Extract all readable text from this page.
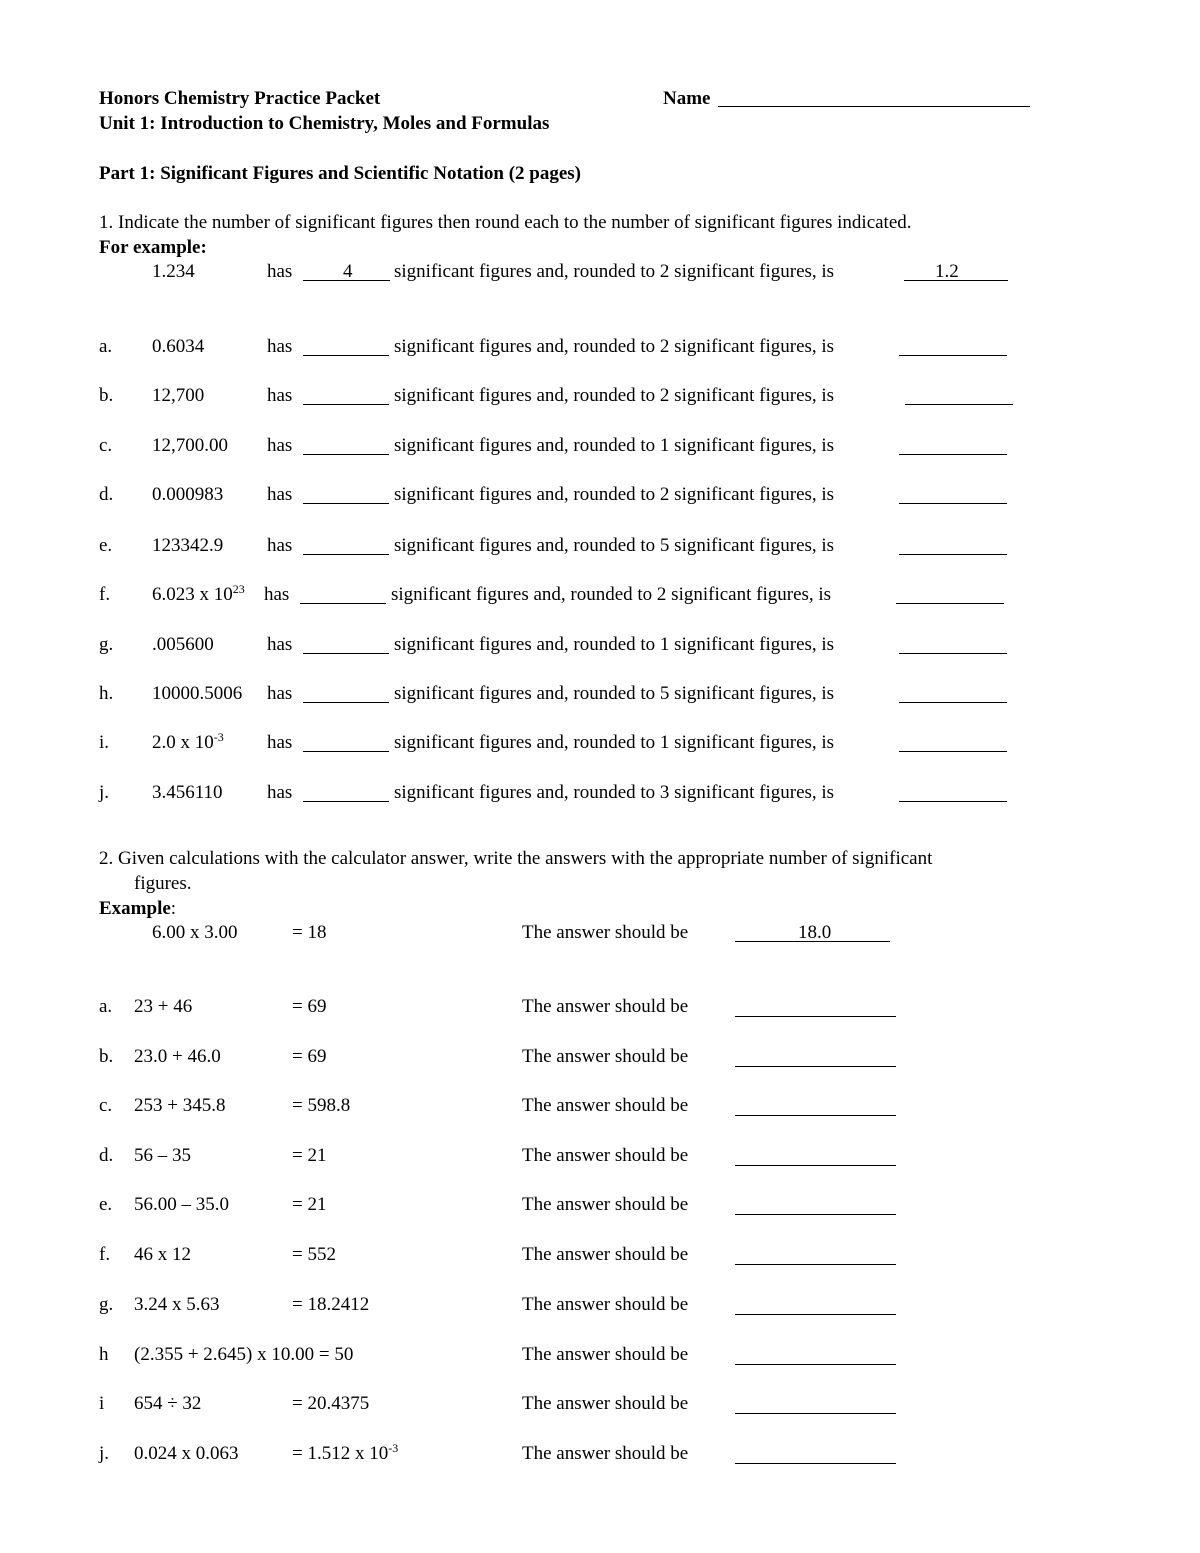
Honors Chemistry Practice Packet	Name
Unit 1: Introduction to Chemistry, Moles and Formulas
Part 1: Significant Figures and Scientific Notation (2 pages)
1. Indicate the number of significant figures then round each to the number of significant figures indicated.
For example:
1.234	has	4 significant figures and, rounded to 2 significant figures, is	1.2
a. 0.6034	has	significant figures and, rounded to 2 significant figures, is
b. 12,700	has	significant figures and, rounded to 2 significant figures, is
c. 12,700.00 has	significant figures and, rounded to 1 significant figures, is
d. 0.000983 has	significant figures and, rounded to 2 significant figures, is
e. 123342.9 has	significant figures and, rounded to 5 significant figures, is
f. 6.023 x $10^{23}$ has	significant figures and, rounded to 2 significant figures, is
g. .005600	has	significant figures and, rounded to 1 significant figures, is
h. 10000.5006 has	significant figures and, rounded to 5 significant figures, is
i. 2.0 x $10^{-3}$ has	significant figures and, rounded to 1 significant figures, is
j. 3.456110 has	significant figures and, rounded to 3 significant figures, is
2. Given calculations with the calculator answer, write the answers with the appropriate number of significant
figures.
Example:
6.00 x 3.00	= 18	The answer should be	18.0
a. 23 + 46	= 69	The answer should be
b. 23.0 + 46.0	= 69	The answer should be
c. 253 + 345.8	= 598.8	The answer should be
d. 56 – 35	= 21	The answer should be
e. 56.00 – 35.0	= 21	The answer should be
f. 46 x 12	= 552	The answer should be
g. 3.24 x 5.63	= 18.2412	The answer should be
h (2.355 + 2.645) x 10.00 = 50	The answer should be
i 654 ÷ 32	= 20.4375	The answer should be
j. 0.024 x 0.063	= 1.512 x $10^{-3}$	The answer should be
